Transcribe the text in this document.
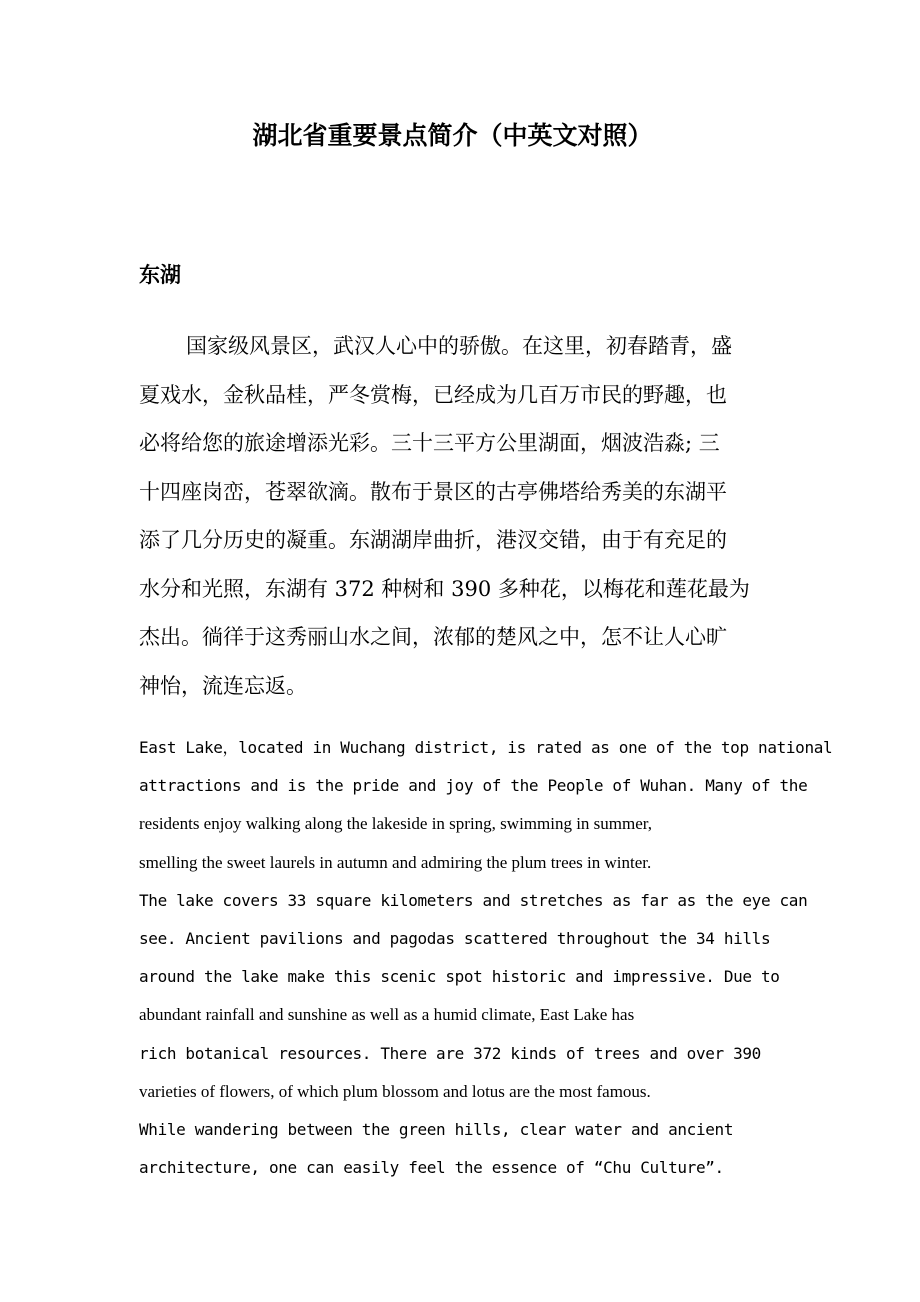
湖北省重要景点简介（中英文对照）
东湖
国家级风景区，武汉人心中的骄傲。在这里，初春踏青，盛
夏戏水，金秋品桂，严冬赏梅，已经成为几百万市民的野趣，也
必将给您的旅途增添光彩。三十三平方公里湖面，烟波浩淼; 三
十四座岗峦，苍翠欲滴。散布于景区的古亭佛塔给秀美的东湖平
添了几分历史的凝重。东湖湖岸曲折，港汊交错，由于有充足的
水分和光照，东湖有 372 种树和 390 多种花，以梅花和莲花最为
杰出。徜徉于这秀丽山水之间，浓郁的楚风之中，怎不让人心旷
神怡，流连忘返。
East Lake，located in Wuchang district, is rated as one of the top national
attractions and is the pride and joy of the People of Wuhan. Many of the
residents enjoy walking along the lakeside in spring, swimming in summer,
smelling the sweet laurels in autumn and admiring the plum trees in winter.
The lake covers 33 square kilometers and stretches as far as the eye can
see. Ancient pavilions and pagodas scattered throughout the 34 hills
around the lake make this scenic spot historic and impressive. Due to
abundant rainfall and sunshine as well as a humid climate, East Lake has
rich botanical resources. There are 372 kinds of trees and over 390
varieties of flowers, of which plum blossom and lotus are the most famous.
While wandering between the green hills, clear water and ancient
architecture, one can easily feel the essence of “Chu Culture”.
